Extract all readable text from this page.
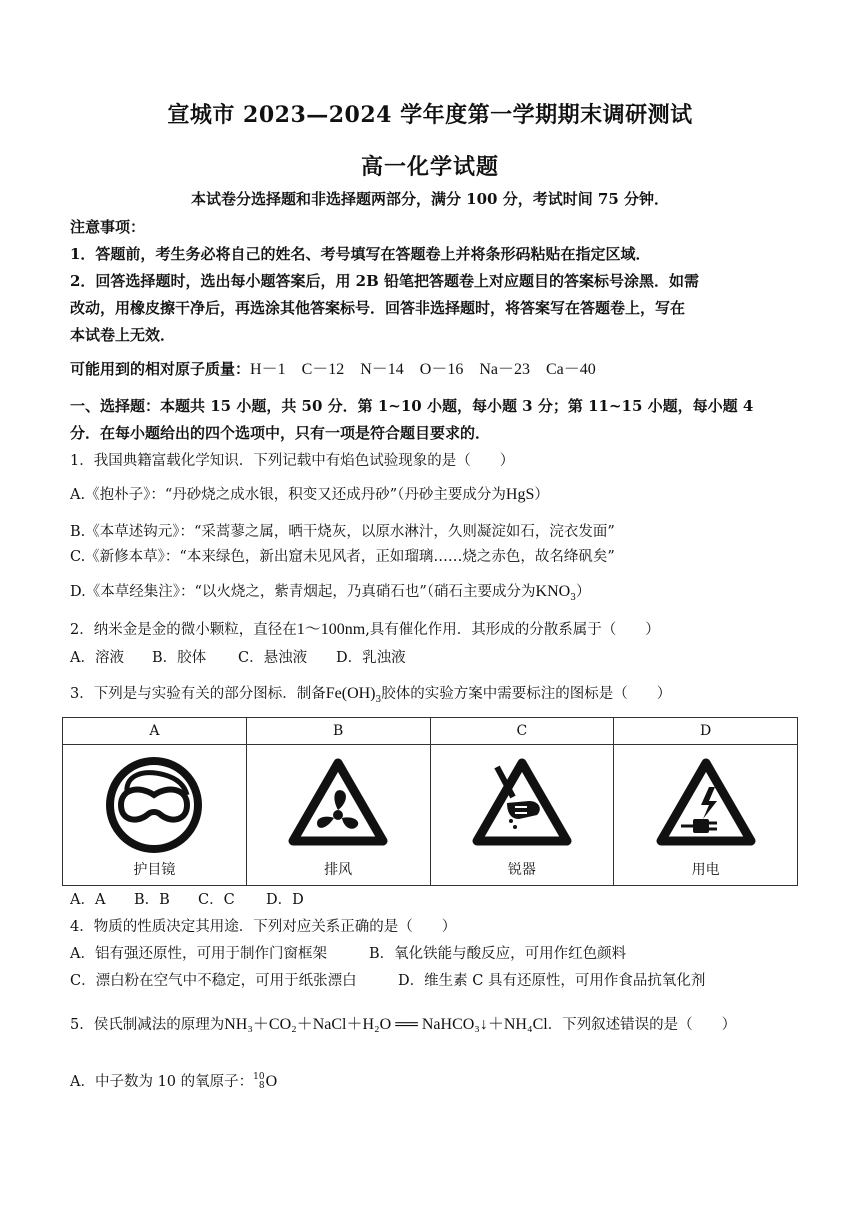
宣城市 2023—2024 学年度第一学期期末调研测试
高一化学试题
本试卷分选择题和非选择题两部分，满分 100 分，考试时间 75 分钟．
注意事项：
1．答题前，考生务必将自己的姓名、考号填写在答题卷上并将条形码粘贴在指定区域．
2．回答选择题时，选出每小题答案后，用 2B 铅笔把答题卷上对应题目的答案标号涂黑．如需
改动，用橡皮擦干净后，再选涂其他答案标号．回答非选择题时，将答案写在答题卷上，写在
本试卷上无效．
可能用到的相对原子质量：H－1　C－12　N－14　O－16　Na－23　Ca－40
一、选择题：本题共 15 小题，共 50 分．第 1~10 小题，每小题 3 分；第 11~15 小题，每小题 4
分．在每小题给出的四个选项中，只有一项是符合题目要求的．
1．我国典籍富载化学知识．下列记载中有焰色试验现象的是（　　）
A.《抱朴子》：“丹砂烧之成水银，积变又还成丹砂”（丹砂主要成分为HgS）
B.《本草述钩元》：“采蒿蓼之属，晒干烧灰，以原水淋汁，久则凝淀如石，浣衣发面”
C.《新修本草》：“本来绿色，新出窟未见风者，正如瑠璃……烧之赤色，故名绛矾矣”
D.《本草经集注》：“以火烧之，紫青烟起，乃真硝石也”（硝石主要成分为$KNO_3$）
2．纳米金是金的微小颗粒，直径在1～100nm,具有催化作用．其形成的分散系属于（　　）
A．溶液 B．胶体 C．悬浊液 D．乳浊液
3．下列是与实验有关的部分图标．制备$Fe(OH)_3$胶体的实验方案中需要标注的图标是（　　）
A	B	C	D

护目镜	排风	锐器	用电
A．A B．B C．C D．D
4．物质的性质决定其用途．下列对应关系正确的是（　　）
A．铝有强还原性，可用于制作门窗框架	B．氧化铁能与酸反应，可用作红色颜料
C．漂白粉在空气中不稳定，可用于纸张漂白	D．维生素 C 具有还原性，可用作食品抗氧化剂
5．侯氏制减法的原理为NH₃＋CO₂＋NaCl＋H₂O ══ NaHCO₃↓＋NH₄Cl．下列叙述错误的是（　　）
A．中子数为 10 的氧原子：10
8O
